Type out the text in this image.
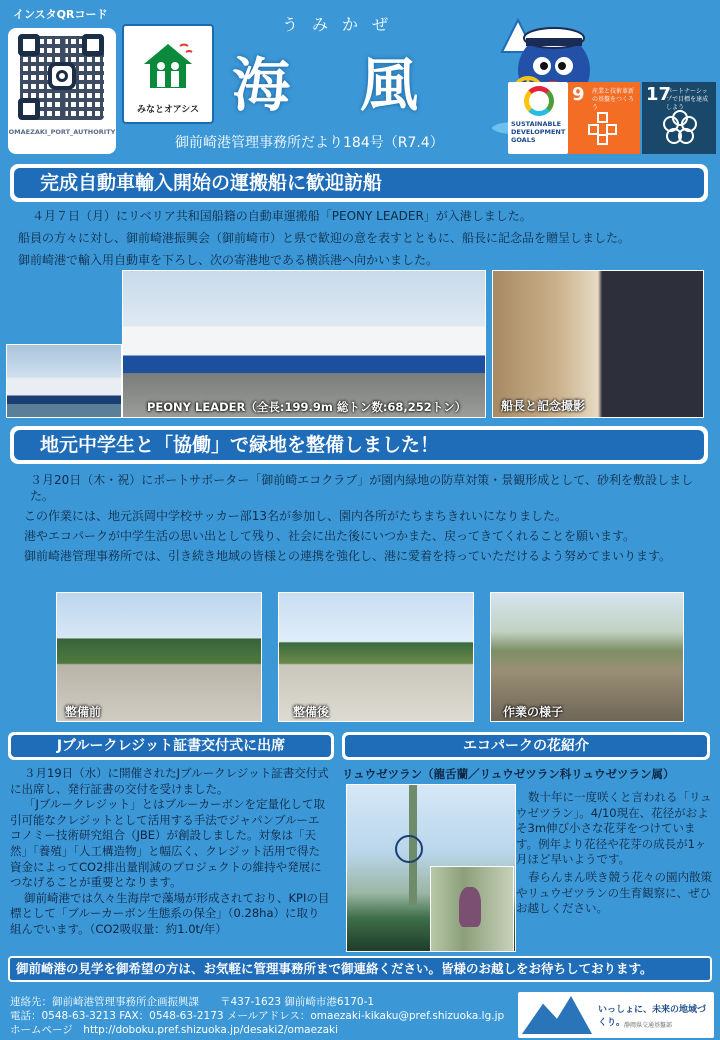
インスタQRコード
OMAEZAKI_PORT_AUTHORITY
みなとオアシス
うみかぜ
海風
御前崎港管理事務所だより184号（R7.4）
SUSTAINABLE DEVELOPMENT GOALS
9 産業と技術革新の基盤をつくろう
17
パートナーシップで目標を達成しよう
完成自動車輸入開始の運搬船に歓迎訪船
４月７日（月）にリベリア共和国船籍の自動車運搬船「PEONY LEADER」が入港しました。
船員の方々に対し、御前崎港振興会（御前崎市）と県で歓迎の意を表すとともに、船長に記念品を贈呈しました。
御前崎港で輸入用自動車を下ろし、次の寄港地である横浜港へ向かいました。
PEONY LEADER（全長:199.9m 総トン数:68,252トン）	船長と記念撮影
地元中学生と「協働」で緑地を整備しました！
３月20日（木・祝）にポートサポーター「御前崎エコクラブ」が園内緑地の防草対策・景観形成として、砂利を敷設しました。
この作業には、地元浜岡中学校サッカー部13名が参加し、園内各所がたちまちきれいになりました。
港やエコパークが中学生活の思い出として残り、社会に出た後にいつかまた、戻ってきてくれることを願います。
御前崎港管理事務所では、引き続き地域の皆様との連携を強化し、港に愛着を持っていただけるよう努めてまいります。
整備前	整備後	作業の様子
Jブルークレジット証書交付式に出席
３月19日（水）に開催されたJブルークレジット証書交付式に出席し、発行証書の交付を受けました。
「Jブルークレジット」とはブルーカーボンを定量化して取引可能なクレジットとして活用する手法でジャパンブルーエコノミー技術研究組合（JBE）が創設しました。対象は「天然」「養殖」「人工構造物」と幅広く、クレジット活用で得た資金によってCO2排出量削減のプロジェクトの維持や発展につなげることが重要となります。
御前崎港では久々生海岸で藻場が形成されており、KPIの目標として「ブルーカーボン生態系の保全」（0.28ha）に取り組んでいます。（CO2吸収量：約1.0t/年）
エコパークの花紹介
リュウゼツラン（龍舌蘭／リュウゼツラン科リュウゼツラン属）
数十年に一度咲くと言われる「リュウゼツラン」。4/10現在、花径がおよそ3m伸び小さな花芽をつけています。例年より花径や花芽の成長が1ヶ月ほど早いようです。
春らんまん咲き競う花々の園内散策やリュウゼツランの生育観察に、ぜひお越しください。
御前崎港の見学を御希望の方は、お気軽に管理事務所まで御連絡ください。皆様のお越しをお待ちしております。
連絡先：御前崎港管理事務所企画振興課　　〒437-1623 御前崎市港6170-1
電話：0548-63-3213 FAX：0548-63-2173 メールアドレス：omaezaki-kikaku@pref.shizuoka.lg.jp
ホームページ　http://doboku.pref.shizuoka.jp/desaki2/omaezaki
いっしょに、未来の地域づくり。
静岡県交通基盤部
